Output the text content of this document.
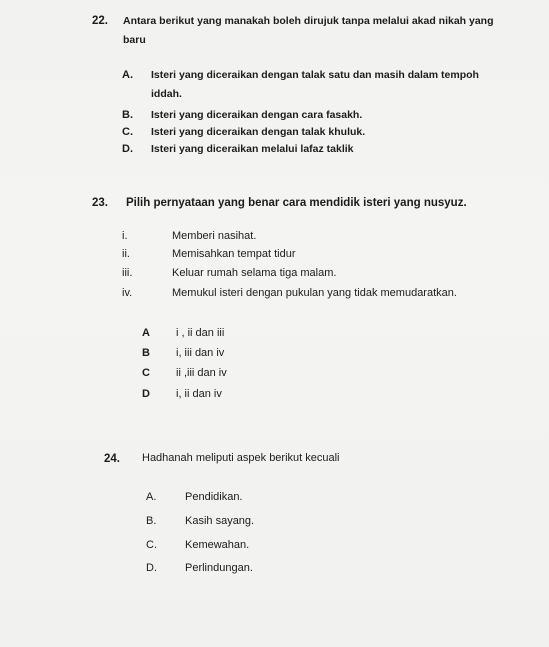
22. Antara berikut yang manakah boleh dirujuk tanpa melalui akad nikah yang
baru
A. Isteri yang diceraikan dengan talak satu dan masih dalam tempoh
iddah.
B. Isteri yang diceraikan dengan cara fasakh.
C. Isteri yang diceraikan dengan talak khuluk.
D. Isteri yang diceraikan melalui lafaz taklik
23. Pilih pernyataan yang benar cara mendidik isteri yang nusyuz.
i.	Memberi nasihat.
ii.	Memisahkan tempat tidur
iii.	Keluar rumah selama tiga malam.
iv.	Memukul isteri dengan pukulan yang tidak memudaratkan.
A i , ii dan iii
B i, iii dan iv
C ii ,iii dan iv
D i, ii dan iv
24. Hadhanah meliputi aspek berikut kecuali
A.	Pendidikan.
B.	Kasih sayang.
C.	Kemewahan.
D.	Perlindungan.
